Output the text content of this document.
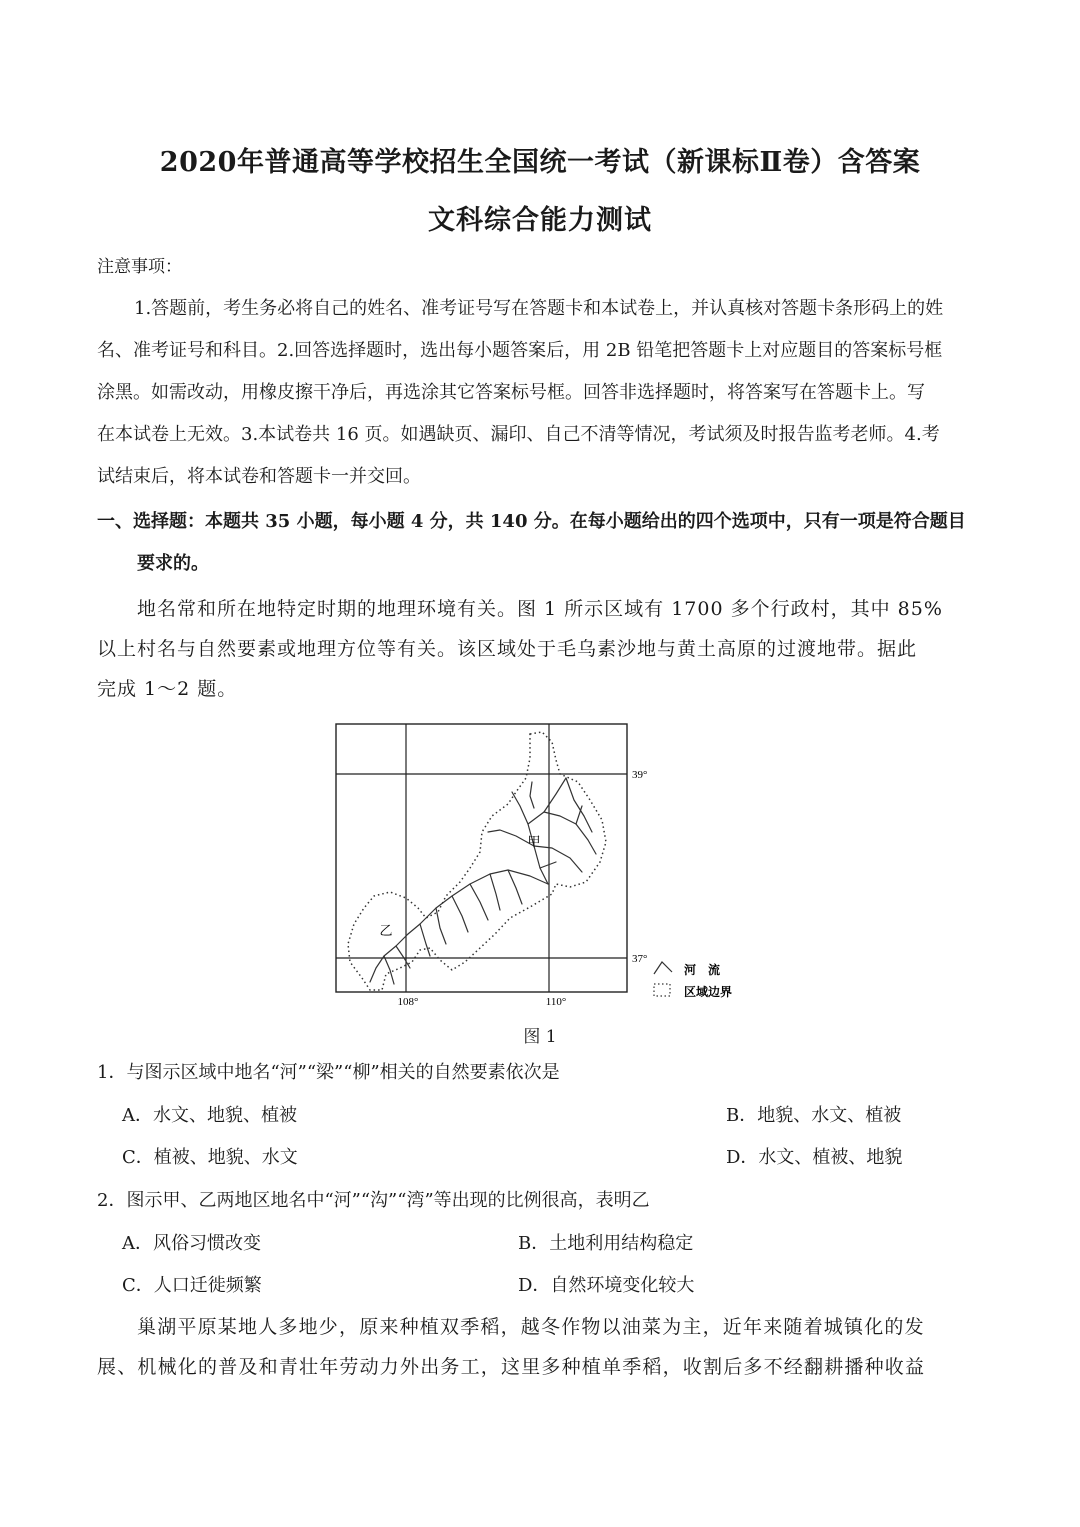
2020年普通高等学校招生全国统一考试（新课标Ⅱ卷）含答案
文科综合能力测试
注意事项：
1.答题前，考生务必将自己的姓名、准考证号写在答题卡和本试卷上，并认真核对答题卡条形码上的姓
名、准考证号和科目。2.回答选择题时，选出每小题答案后，用 2B 铅笔把答题卡上对应题目的答案标号框
涂黑。如需改动，用橡皮擦干净后，再选涂其它答案标号框。回答非选择题时，将答案写在答题卡上。写
在本试卷上无效。3.本试卷共 16 页。如遇缺页、漏印、自己不清等情况，考试须及时报告监考老师。4.考
试结束后，将本试卷和答题卡一并交回。
一、选择题：本题共 35 小题，每小题 4 分，共 140 分。在每小题给出的四个选项中，只有一项是符合题目
要求的。
地名常和所在地特定时期的地理环境有关。图 1 所示区域有 1700 多个行政村，其中 85%
以上村名与自然要素或地理方位等有关。该区域处于毛乌素沙地与黄土高原的过渡地带。据此
完成 1～2 题。
甲
乙
39°
37°
108°	110°
河　流
区域边界
图 1
1．与图示区域中地名“河”“梁”“柳”相关的自然要素依次是
A．水文、地貌、植被	B．地貌、水文、植被
C．植被、地貌、水文	D．水文、植被、地貌
2．图示甲、乙两地区地名中“河”“沟”“湾”等出现的比例很高，表明乙
A．风俗习惯改变	B．土地利用结构稳定
C．人口迁徙频繁	D．自然环境变化较大
巢湖平原某地人多地少，原来种植双季稻，越冬作物以油菜为主，近年来随着城镇化的发
展、机械化的普及和青壮年劳动力外出务工，这里多种植单季稻，收割后多不经翻耕播种收益
